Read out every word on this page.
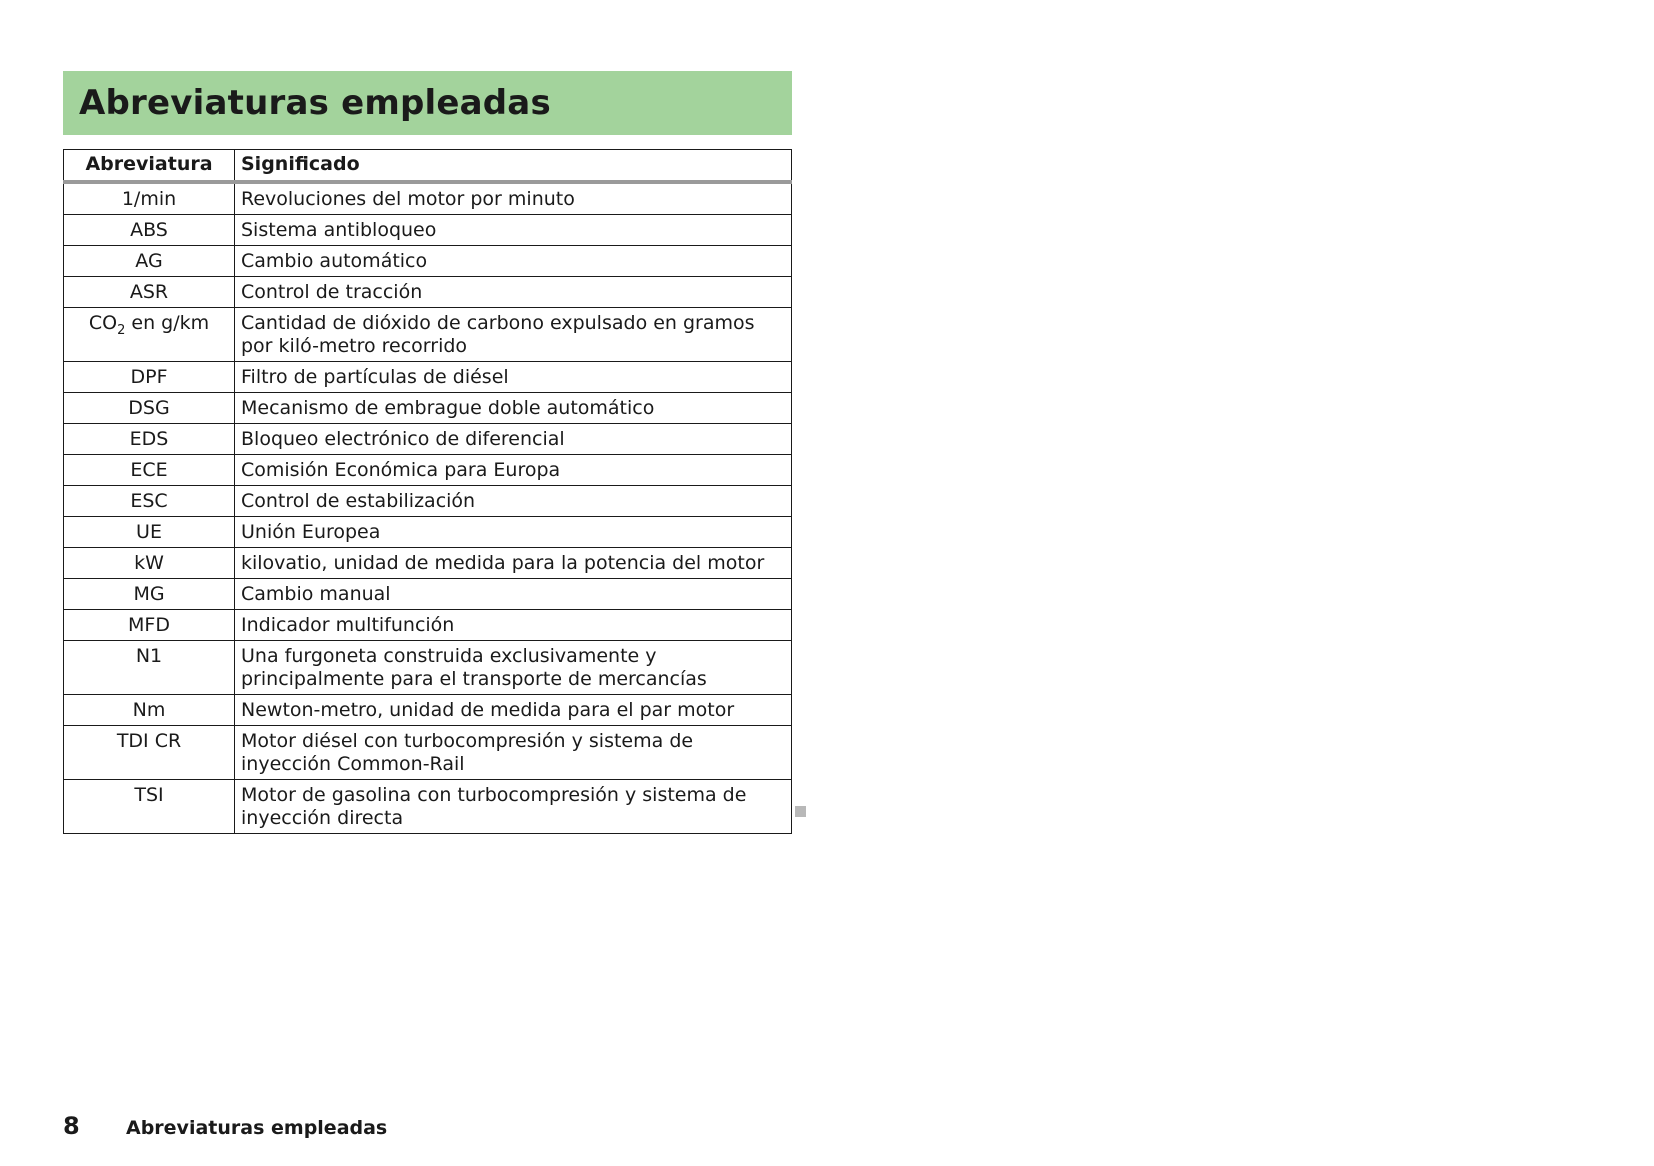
Abreviaturas empleadas
Abreviatura	Significado
1/min	Revoluciones del motor por minuto
ABS	Sistema antibloqueo
AG	Cambio automático
ASR	Control de tracción
$CO_2$ en g/km	Cantidad de dióxido de carbono expulsado en gramos por kiló-metro recorrido
DPF	Filtro de partículas de diésel
DSG	Mecanismo de embrague doble automático
EDS	Bloqueo electrónico de diferencial
ECE	Comisión Económica para Europa
ESC	Control de estabilización
UE	Unión Europea
kW	kilovatio, unidad de medida para la potencia del motor
MG	Cambio manual
MFD	Indicador multifunción
N1	Una furgoneta construida exclusivamente y principalmente para el transporte de mercancías
Nm	Newton-metro, unidad de medida para el par motor
TDI CR	Motor diésel con turbocompresión y sistema de inyección Common-Rail
TSI	Motor de gasolina con turbocompresión y sistema de inyección directa
8	Abreviaturas empleadas
